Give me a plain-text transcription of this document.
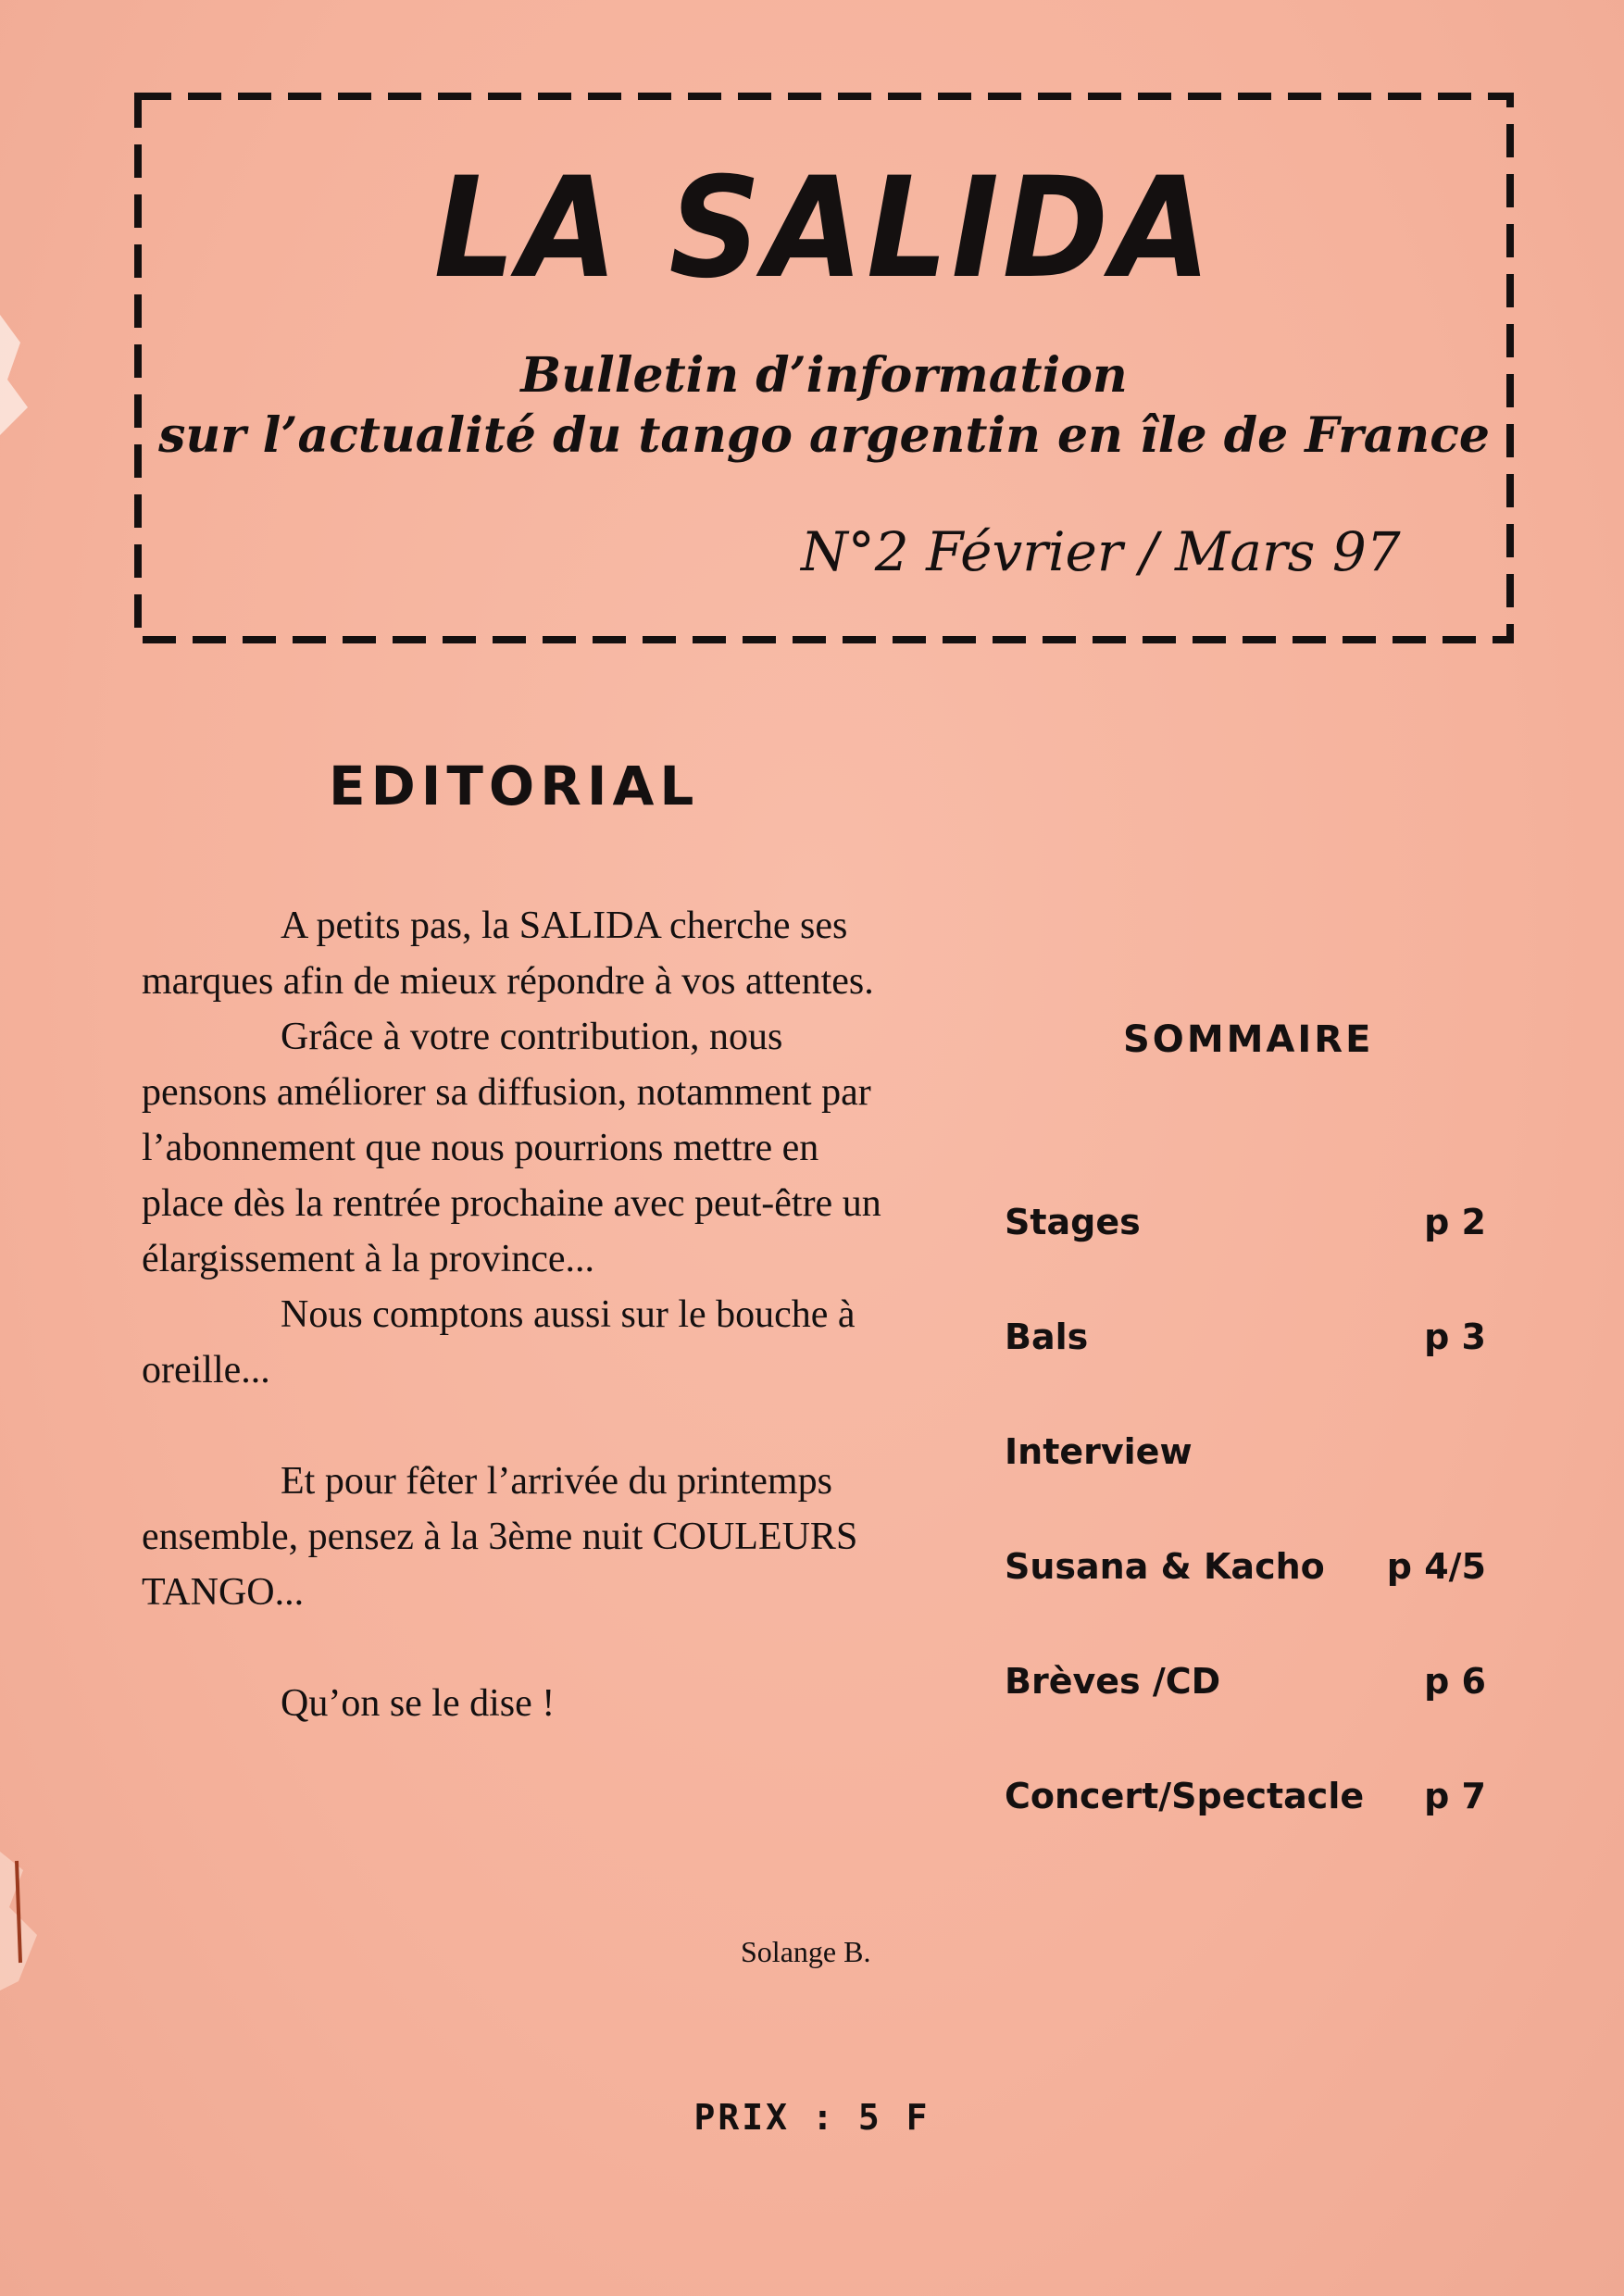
LA SALIDA
Bulletin d’information
sur l’actualité du tango argentin en île de France
N°2 Février / Mars 97
EDITORIAL

A petits pas, la SALIDA cherche ses marques afin de mieux répondre à vos attentes.

Grâce à votre contribution, nous pensons améliorer sa diffusion, notamment par l’abonnement que nous pourrions mettre en place dès la rentrée prochaine avec peut-être un élargissement à la province...

Nous comptons aussi sur le bouche à oreille...

Et pour fêter l’arrivée du printemps ensemble, pensez à la 3ème nuit COULEURS TANGO...

Qu’on se le dise !

Solange B.
SOMMAIRE
Stages	p 2
Bals	p 3
Interview
Susana & Kacho p 4/5
Brèves /CD	p 6
Concert/Spectacle p 7
PRIX : 5 F
